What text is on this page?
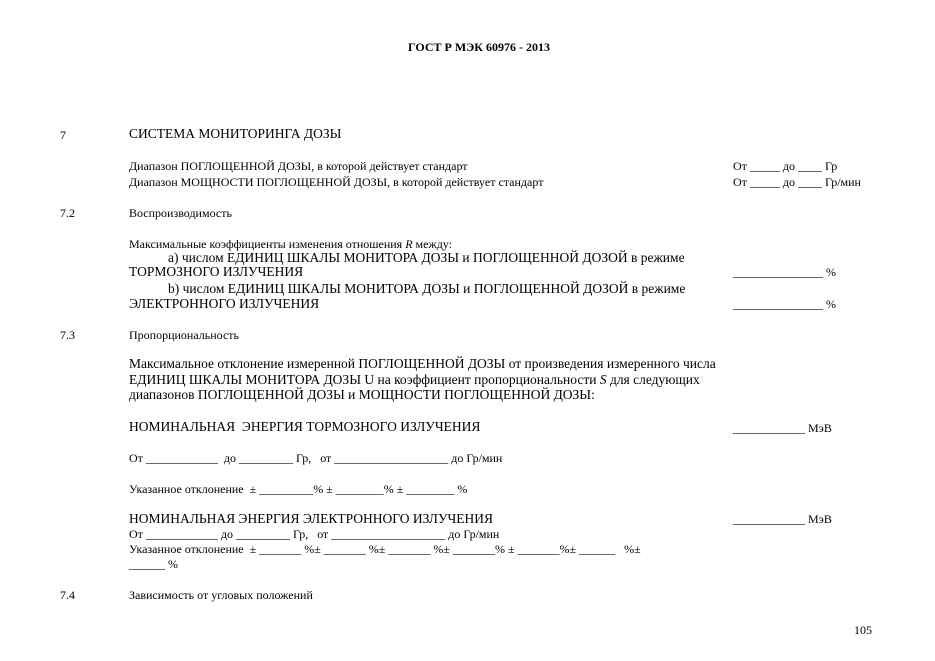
ГОСТ Р МЭК 60976 - 2013
7	СИСТЕМА МОНИТОРИНГА ДОЗЫ
Диапазон ПОГЛОЩЕННОЙ ДОЗЫ, в которой действует стандарт	От _____ до ____ Гр
Диапазон МОЩНОСТИ ПОГЛОЩЕННОЙ ДОЗЫ, в которой действует стандарт	От _____ до ____ Гр/мин
7.2	Воспроизводимость
Максимальные коэффициенты изменения отношения R между:
а) числом ЕДИНИЦ ШКАЛЫ МОНИТОРА ДОЗЫ и ПОГЛОЩЕННОЙ ДОЗОЙ в режиме
ТОРМОЗНОГО ИЗЛУЧЕНИЯ	_______________ %
b) числом ЕДИНИЦ ШКАЛЫ МОНИТОРА ДОЗЫ и ПОГЛОЩЕННОЙ ДОЗОЙ в режиме
ЭЛЕКТРОННОГО ИЗЛУЧЕНИЯ	_______________ %
7.3	Пропорциональность
Максимальное отклонение измеренной ПОГЛОЩЕННОЙ ДОЗЫ от произведения измеренного числа
ЕДИНИЦ ШКАЛЫ МОНИТОРА ДОЗЫ U на коэффициент пропорциональности S для следующих
диапазонов ПОГЛОЩЕННОЙ ДОЗЫ и МОЩНОСТИ ПОГЛОЩЕННОЙ ДОЗЫ:
НОМИНАЛЬНАЯ  ЭНЕРГИЯ ТОРМОЗНОГО ИЗЛУЧЕНИЯ	____________ МэВ
От ____________  до _________ Гр,   от ___________________ до Гр/мин
Указанное отклонение  ± _________% ± ________% ± ________ %
НОМИНАЛЬНАЯ ЭНЕРГИЯ ЭЛЕКТРОННОГО ИЗЛУЧЕНИЯ	____________ МэВ
От ____________ до _________ Гр,   от ___________________ до Гр/мин
Указанное отклонение  ± _______ %± _______ %± _______ %± _______% ± _______%± ______   %±
______ %
7.4	Зависимость от угловых положений
105
